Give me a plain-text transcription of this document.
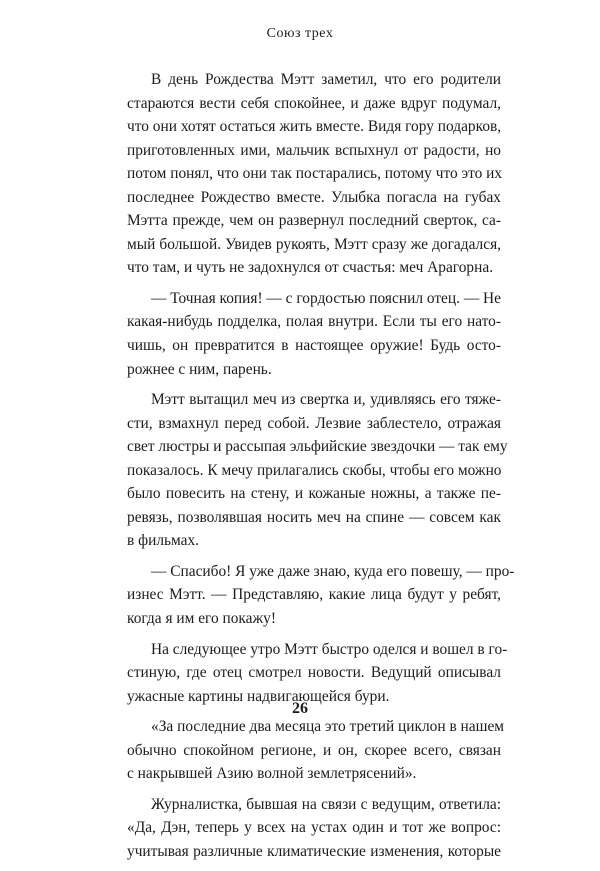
Союз трех

В день Рождества Мэтт заметил, что его родители
стараются вести себя спокойнее, и даже вдруг подумал,
что они хотят остаться жить вместе. Видя гору подарков,
приготовленных ими, мальчик вспыхнул от радости, но
потом понял, что они так постарались, потому что это их
последнее Рождество вместе. Улыбка погасла на губах
Мэтта прежде, чем он развернул последний сверток, са-
мый большой. Увидев рукоять, Мэтт сразу же догадался,
что там, и чуть не задохнулся от счастья: меч Арагорна.

— Точная копия! — с гордостью пояснил отец. — Не
какая-нибудь подделка, полая внутри. Если ты его нато-
чишь, он превратится в настоящее оружие! Будь осто-
рожнее с ним, парень.

Мэтт вытащил меч из свертка и, удивляясь его тяже-
сти, взмахнул перед собой. Лезвие заблестело, отражая
свет люстры и рассыпая эльфийские звездочки — так ему
показалось. К мечу прилагались скобы, чтобы его можно
было повесить на стену, и кожаные ножны, а также пе-
ревязь, позволявшая носить меч на спине — совсем как
в фильмах.

— Спасибо! Я уже даже знаю, куда его повешу, — про-
изнес Мэтт. — Представляю, какие лица будут у ребят,
когда я им его покажу!

На следующее утро Мэтт быстро оделся и вошел в го-
стиную, где отец смотрел новости. Ведущий описывал
ужасные картины надвигающейся бури.

«За последние два месяца это третий циклон в нашем
обычно спокойном регионе, и он, скорее всего, связан
с накрывшей Азию волной землетрясений».

Журналистка, бывшая на связи с ведущим, ответила:
«Да, Дэн, теперь у всех на устах один и тот же вопрос:
учитывая различные климатические изменения, которые

26
